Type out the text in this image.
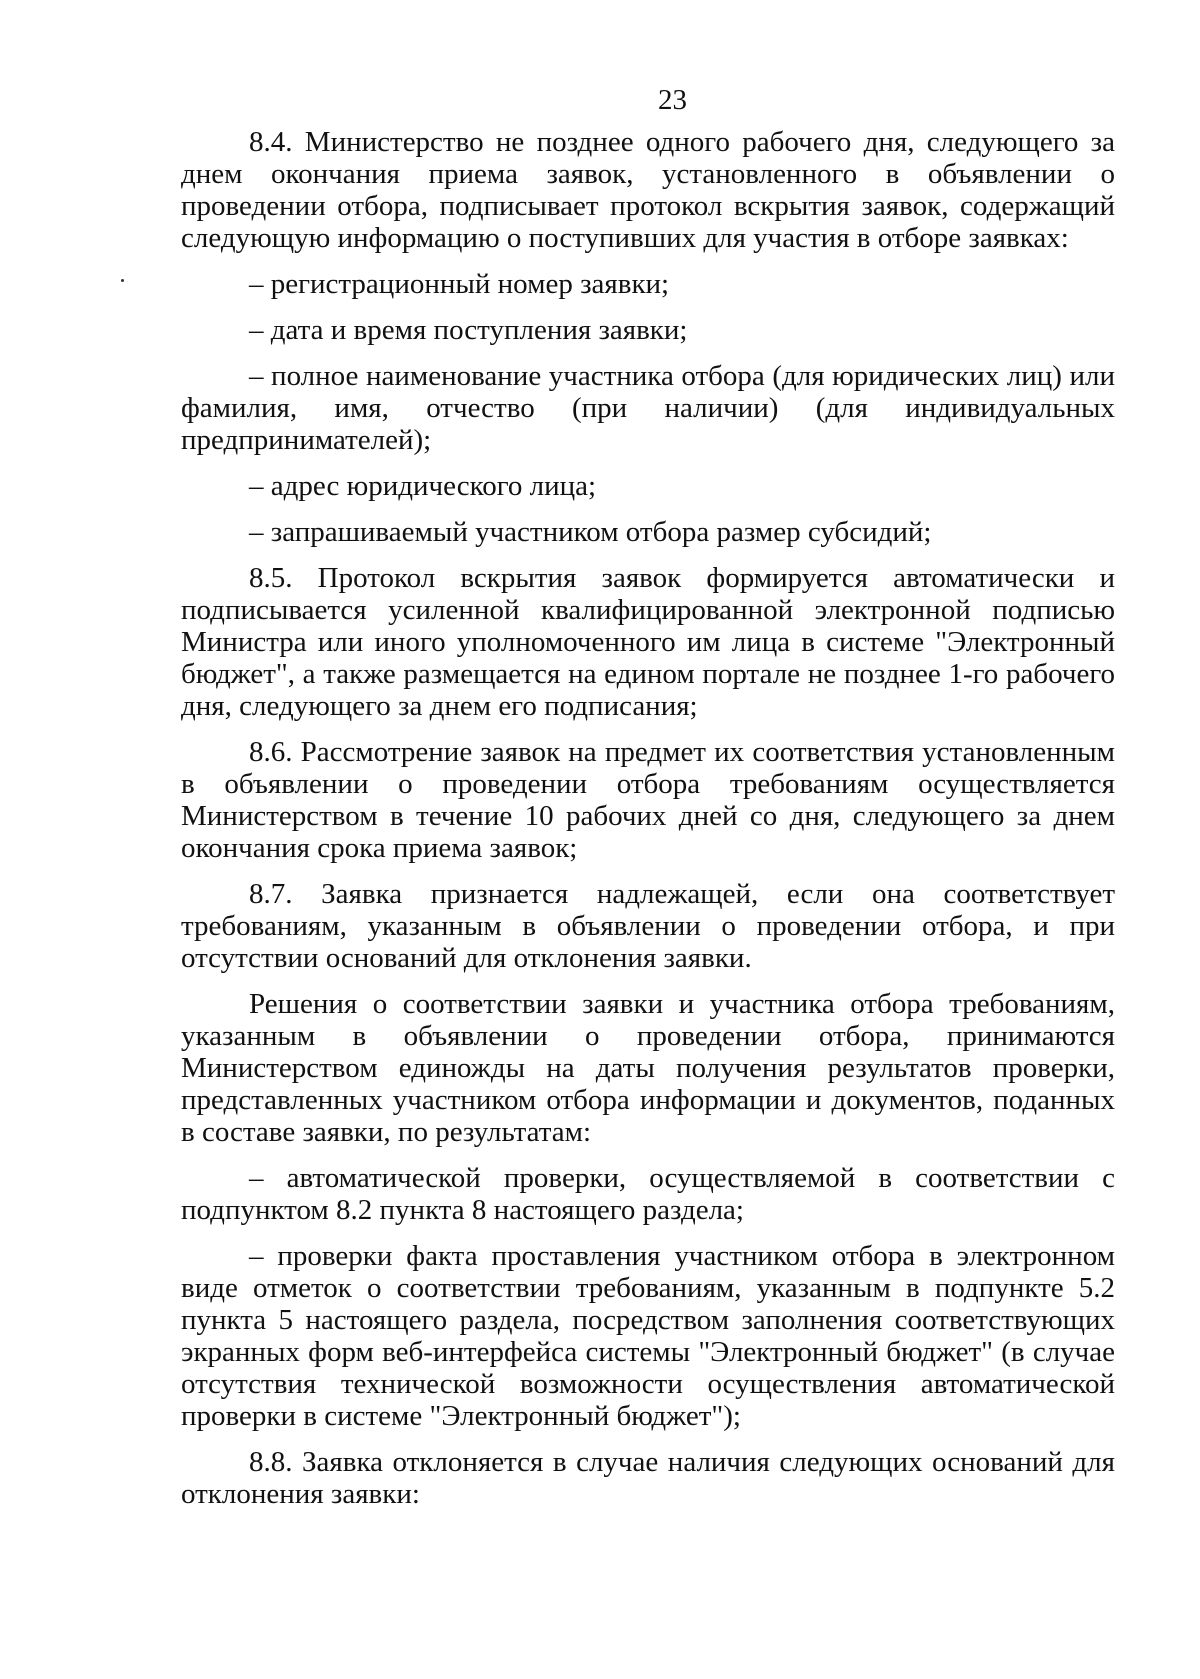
23

8.4. Министерство не позднее одного рабочего дня, следующего за днем окончания приема заявок, установленного в объявлении о проведении отбора, подписывает протокол вскрытия заявок, содержащий следующую информацию о поступивших для участия в отборе заявках:

– регистрационный номер заявки;

– дата и время поступления заявки;

– полное наименование участника отбора (для юридических лиц) или фамилия, имя, отчество (при наличии) (для индивидуальных предпринимателей);

– адрес юридического лица;

– запрашиваемый участником отбора размер субсидий;

8.5. Протокол вскрытия заявок формируется автоматически и подписывается усиленной квалифицированной электронной подписью Министра или иного уполномоченного им лица в системе "Электронный бюджет", а также размещается на едином портале не позднее 1-го рабочего дня, следующего за днем его подписания;

8.6. Рассмотрение заявок на предмет их соответствия установленным в объявлении о проведении отбора требованиям осуществляется Министерством в течение 10 рабочих дней со дня, следующего за днем окончания срока приема заявок;

8.7. Заявка признается надлежащей, если она соответствует требованиям, указанным в объявлении о проведении отбора, и при отсутствии оснований для отклонения заявки.

Решения о соответствии заявки и участника отбора требованиям, указанным в объявлении о проведении отбора, принимаются Министерством единожды на даты получения результатов проверки, представленных участником отбора информации и документов, поданных в составе заявки, по результатам:

– автоматической проверки, осуществляемой в соответствии с подпунктом 8.2 пункта 8 настоящего раздела;

– проверки факта проставления участником отбора в электронном виде отметок о соответствии требованиям, указанным в подпункте 5.2 пункта 5 настоящего раздела, посредством заполнения соответствующих экранных форм веб-интерфейса системы "Электронный бюджет" (в случае отсутствия технической возможности осуществления автоматической проверки в системе "Электронный бюджет");

8.8. Заявка отклоняется в случае наличия следующих оснований для отклонения заявки:
